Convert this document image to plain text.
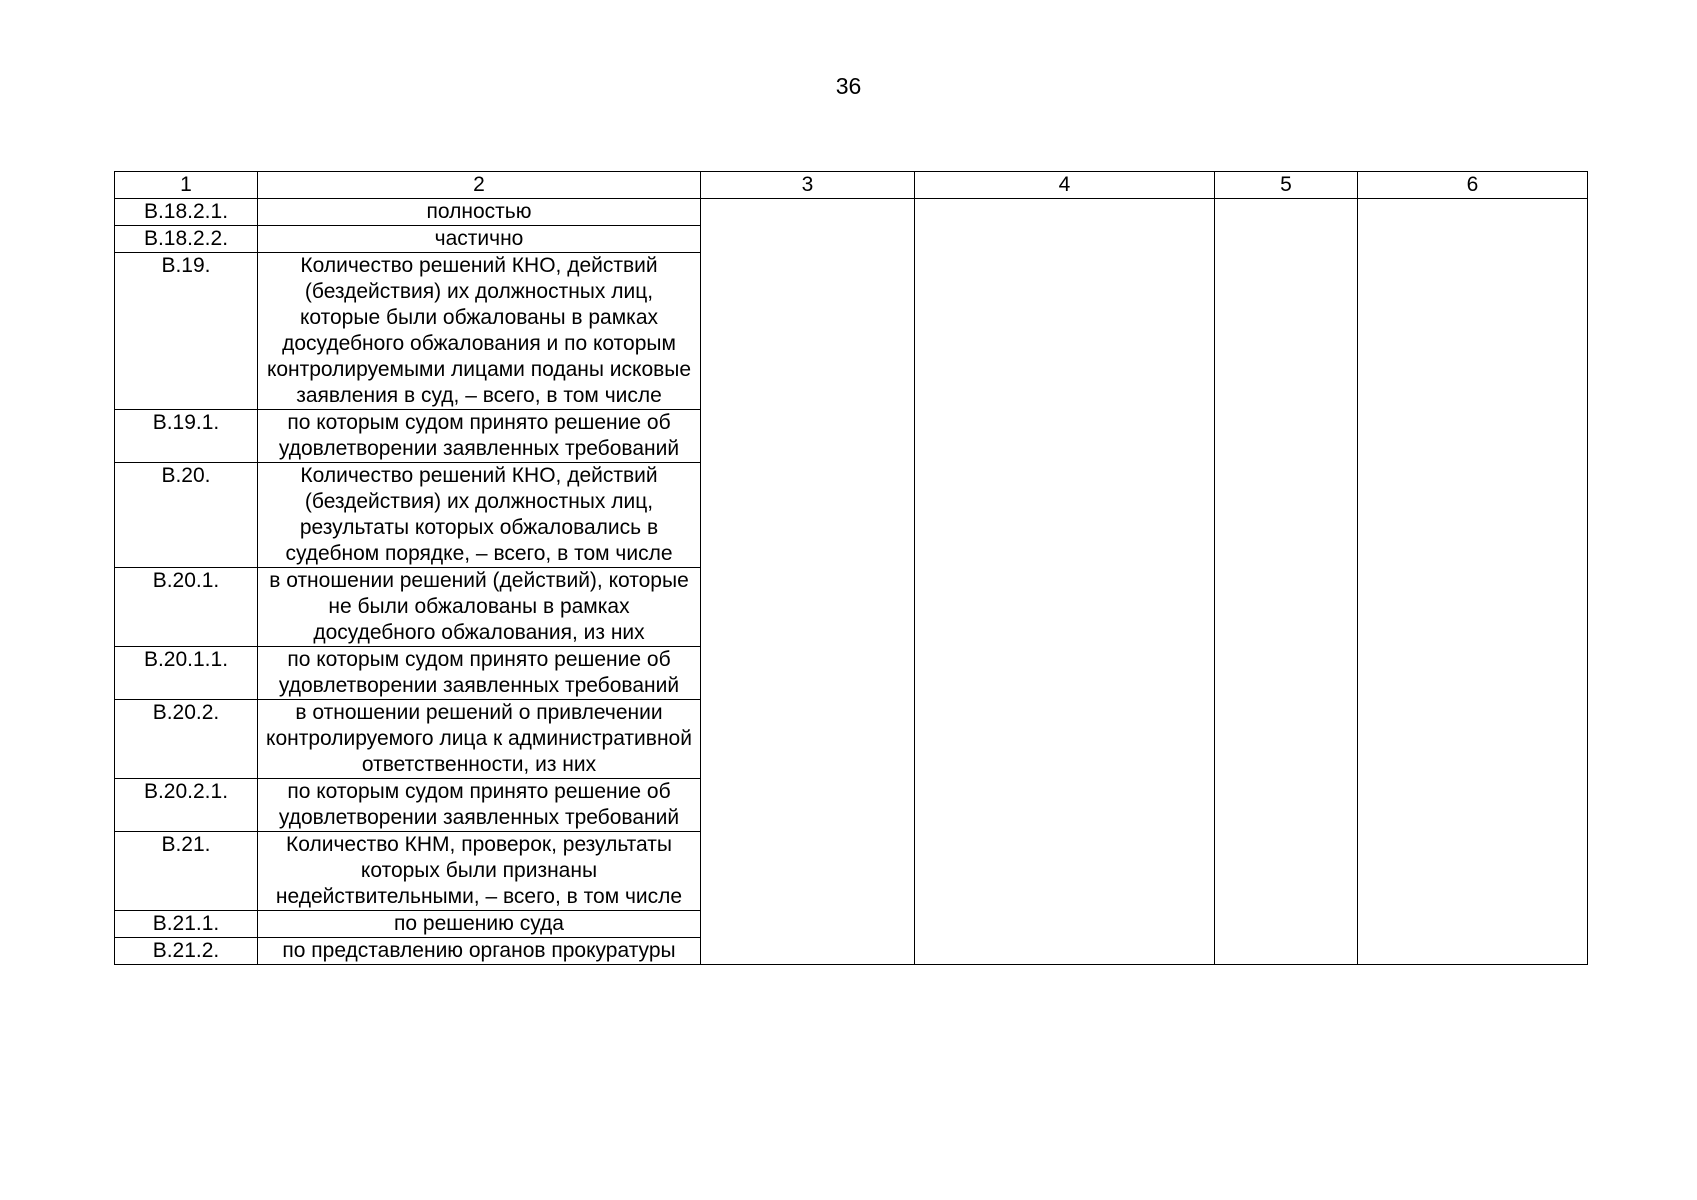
36
1	2	3	4	5	6
В.18.2.1.	полностью				
В.18.2.2.	частично				
В.19.	Количество решений КНО, действий (бездействия) их должностных лиц, которые были обжалованы в рамках досудебного обжалования и по которым контролируемыми лицами поданы исковые заявления в суд, – всего, в том числе				
В.19.1.	по которым судом принято решение об удовлетворении заявленных требований				
В.20.	Количество решений КНО, действий (бездействия) их должностных лиц, результаты которых обжаловались в судебном порядке, – всего, в том числе				
В.20.1.	в отношении решений (действий), которые не были обжалованы в рамках досудебного обжалования, из них				
В.20.1.1.	по которым судом принято решение об удовлетворении заявленных требований				
В.20.2.	в отношении решений о привлечении контролируемого лица к административной ответственности, из них				
В.20.2.1.	по которым судом принято решение об удовлетворении заявленных требований				
В.21.	Количество КНМ, проверок, результаты которых были признаны недействительными, – всего, в том числе				
В.21.1.	по решению суда				
В.21.2.	по представлению органов прокуратуры				
